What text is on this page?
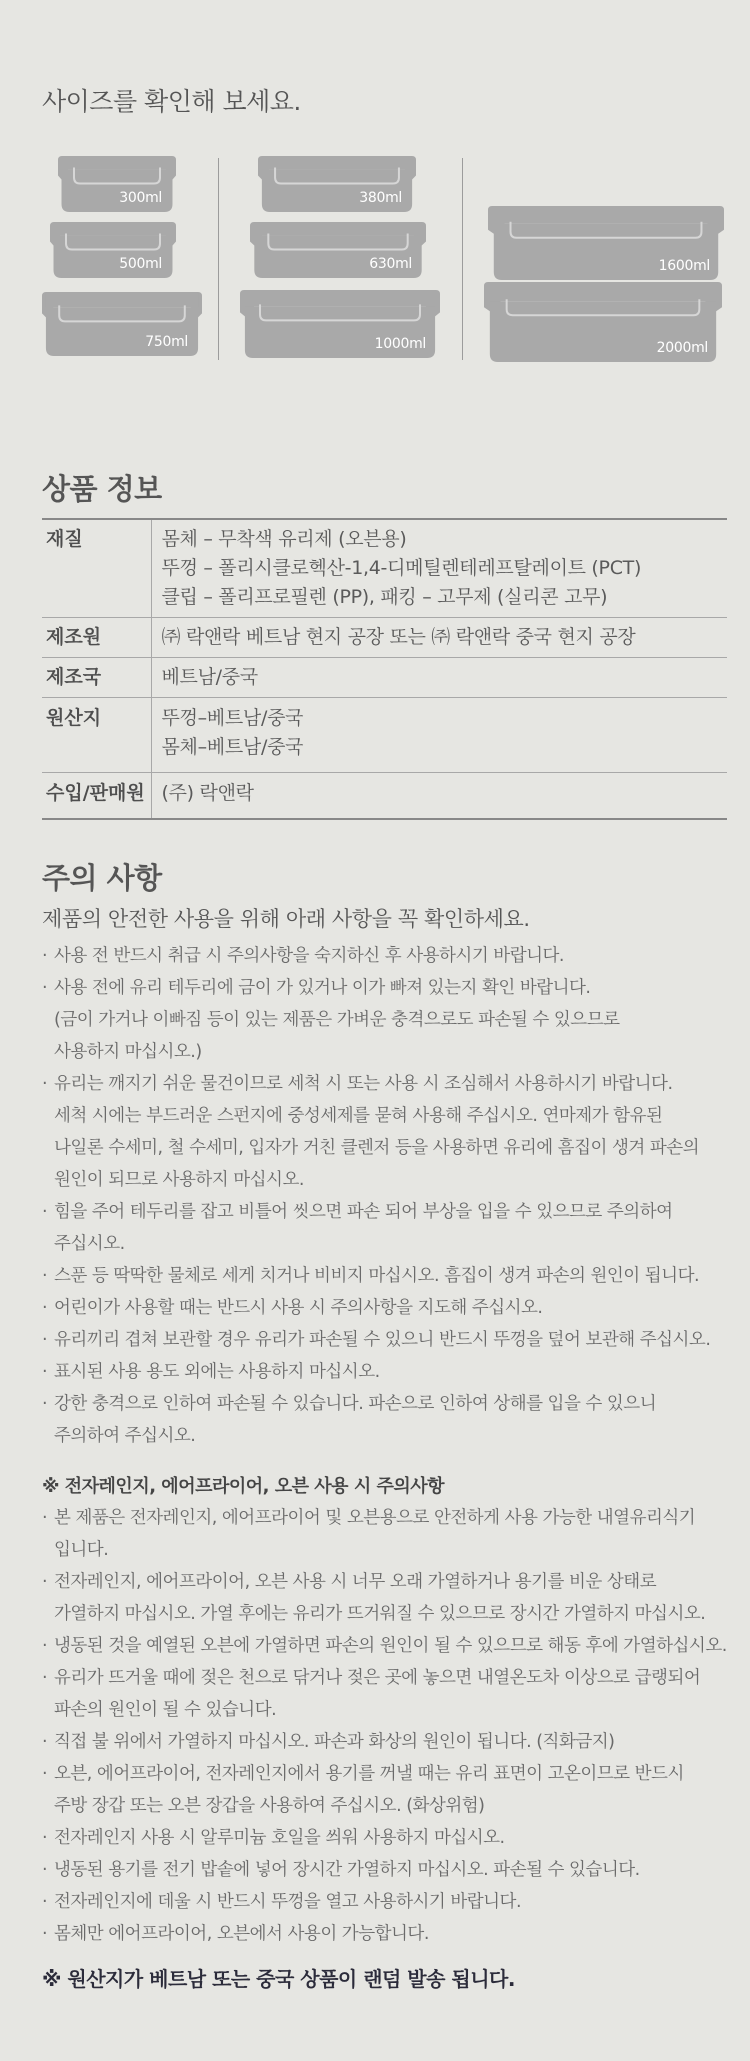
사이즈를 확인해 보세요.
300ml
500ml
750ml
380ml
630ml
1000ml
1600ml
2000ml
상품 정보
재질	몸체 – 무착색 유리제 (오븐용)
뚜껑 – 폴리시클로헥산-1,4-디메틸렌테레프탈레이트 (PCT)
클립 – 폴리프로필렌 (PP), 패킹 – 고무제 (실리콘 고무)

제조원	㈜ 락앤락 베트남 현지 공장 또는 ㈜ 락앤락 중국 현지 공장

제조국	베트남/중국

원산지	뚜껑–베트남/중국
몸체–베트남/중국

수입/판매원	(주) 락앤락
주의 사항
제품의 안전한 사용을 위해 아래 사항을 꼭 확인하세요.
· 사용 전 반드시 취급 시 주의사항을 숙지하신 후 사용하시기 바랍니다.
· 사용 전에 유리 테두리에 금이 가 있거나 이가 빠져 있는지 확인 바랍니다.
(금이 가거나 이빠짐 등이 있는 제품은 가벼운 충격으로도 파손될 수 있으므로
사용하지 마십시오.)
· 유리는 깨지기 쉬운 물건이므로 세척 시 또는 사용 시 조심해서 사용하시기 바랍니다.
세척 시에는 부드러운 스펀지에 중성세제를 묻혀 사용해 주십시오. 연마제가 함유된
나일론 수세미, 철 수세미, 입자가 거친 클렌저 등을 사용하면 유리에 흠집이 생겨 파손의
원인이 되므로 사용하지 마십시오.
· 힘을 주어 테두리를 잡고 비틀어 씻으면 파손 되어 부상을 입을 수 있으므로 주의하여
주십시오.
· 스푼 등 딱딱한 물체로 세게 치거나 비비지 마십시오. 흠집이 생겨 파손의 원인이 됩니다.
· 어린이가 사용할 때는 반드시 사용 시 주의사항을 지도해 주십시오.
· 유리끼리 겹쳐 보관할 경우 유리가 파손될 수 있으니 반드시 뚜껑을 덮어 보관해 주십시오.
· 표시된 사용 용도 외에는 사용하지 마십시오.
· 강한 충격으로 인하여 파손될 수 있습니다. 파손으로 인하여 상해를 입을 수 있으니
주의하여 주십시오.
※ 전자레인지, 에어프라이어, 오븐 사용 시 주의사항
· 본 제품은 전자레인지, 에어프라이어 및 오븐용으로 안전하게 사용 가능한 내열유리식기
입니다.
· 전자레인지, 에어프라이어, 오븐 사용 시 너무 오래 가열하거나 용기를 비운 상태로
가열하지 마십시오. 가열 후에는 유리가 뜨거워질 수 있으므로 장시간 가열하지 마십시오.
· 냉동된 것을 예열된 오븐에 가열하면 파손의 원인이 될 수 있으므로 해동 후에 가열하십시오.
· 유리가 뜨거울 때에 젖은 천으로 닦거나 젖은 곳에 놓으면 내열온도차 이상으로 급랭되어
파손의 원인이 될 수 있습니다.
· 직접 불 위에서 가열하지 마십시오. 파손과 화상의 원인이 됩니다. (직화금지)
· 오븐, 에어프라이어, 전자레인지에서 용기를 꺼낼 때는 유리 표면이 고온이므로 반드시
주방 장갑 또는 오븐 장갑을 사용하여 주십시오. (화상위험)
· 전자레인지 사용 시 알루미늄 호일을 씌워 사용하지 마십시오.
· 냉동된 용기를 전기 밥솥에 넣어 장시간 가열하지 마십시오. 파손될 수 있습니다.
· 전자레인지에 데울 시 반드시 뚜껑을 열고 사용하시기 바랍니다.
· 몸체만 에어프라이어, 오븐에서 사용이 가능합니다.
※ 원산지가 베트남 또는 중국 상품이 랜덤 발송 됩니다.
